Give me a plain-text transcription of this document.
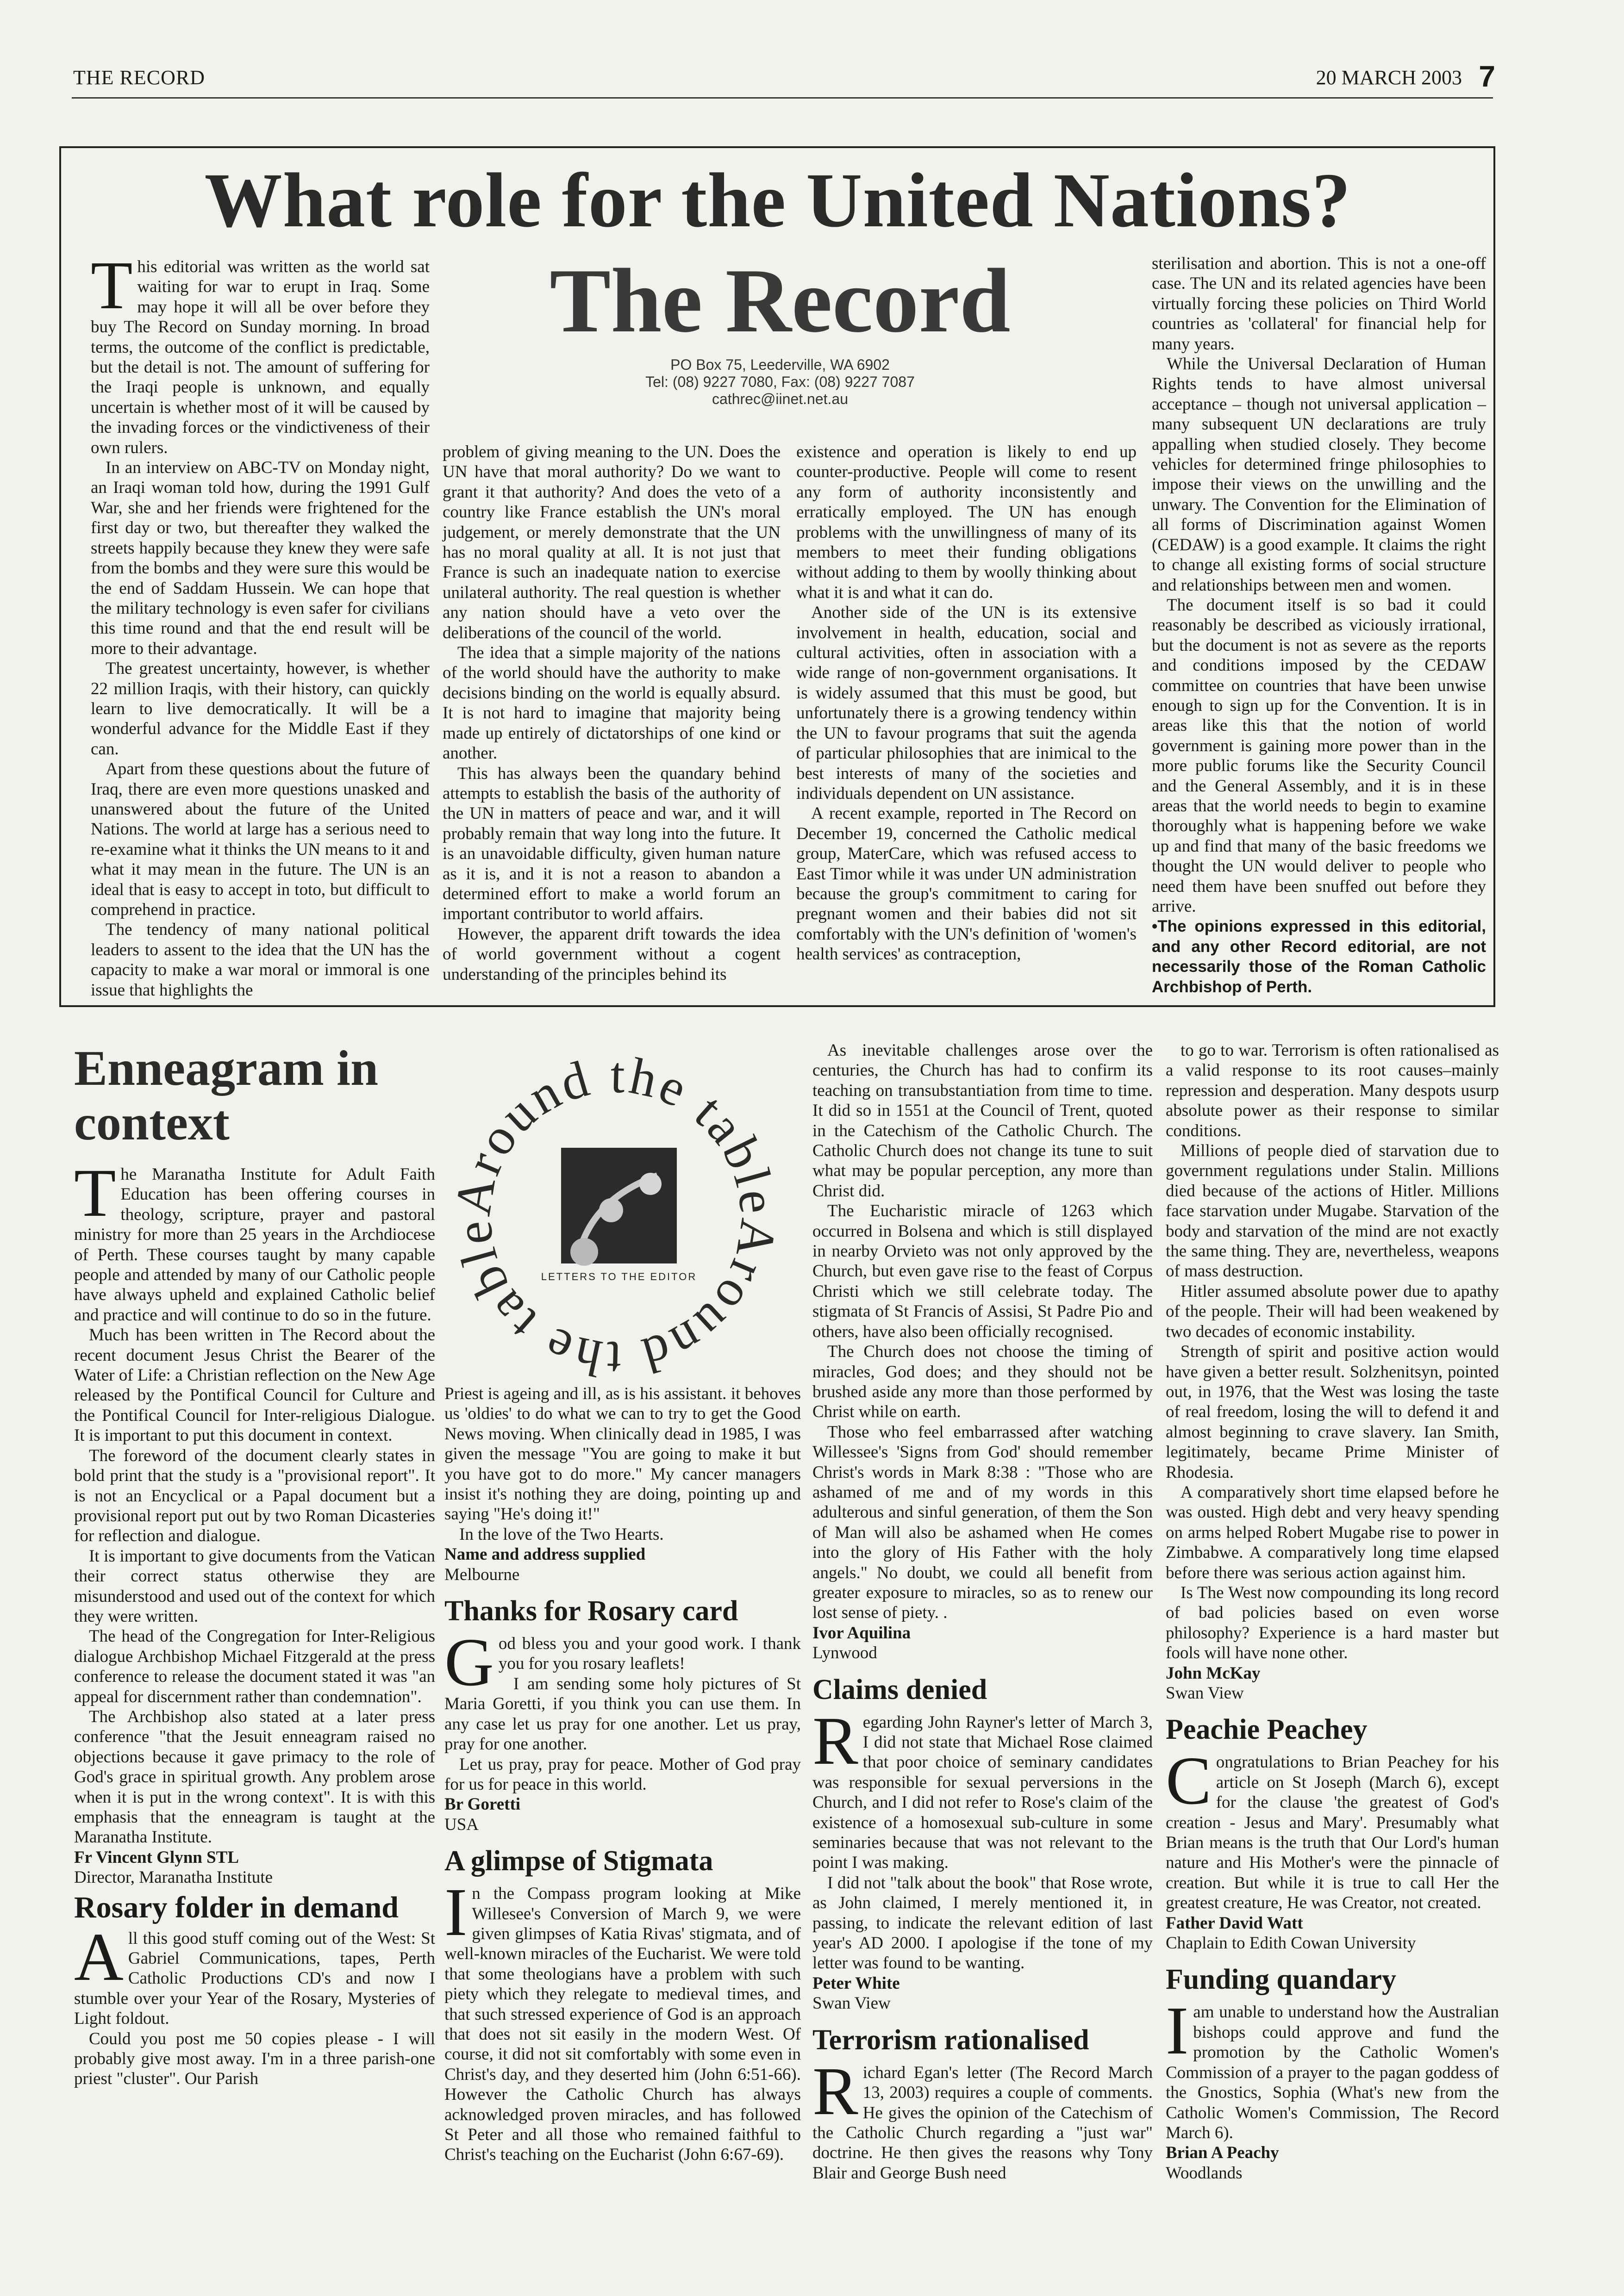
THE RECORD	20 MARCH 2003 7
What role for the United Nations?
The Record
PO Box 75, Leederville, WA 6902
Tel: (08) 9227 7080, Fax: (08) 9227 7087
cathrec@iinet.net.au

This editorial was written as the world sat waiting for war to erupt in Iraq. Some may hope it will all be over before they buy The Record on Sunday morning. In broad terms, the outcome of the conflict is predictable, but the detail is not. The amount of suffering for the Iraqi people is unknown, and equally uncertain is whether most of it will be caused by the invading forces or the vindictiveness of their own rulers.

In an interview on ABC-TV on Monday night, an Iraqi woman told how, during the 1991 Gulf War, she and her friends were frightened for the first day or two, but thereafter they walked the streets happily because they knew they were safe from the bombs and they were sure this would be the end of Saddam Hussein. We can hope that the military technology is even safer for civilians this time round and that the end result will be more to their advantage.

The greatest uncertainty, however, is whether 22 million Iraqis, with their history, can quickly learn to live democratically. It will be a wonderful advance for the Middle East if they can.

Apart from these questions about the future of Iraq, there are even more questions unasked and unanswered about the future of the United Nations. The world at large has a serious need to re-examine what it thinks the UN means to it and what it may mean in the future. The UN is an ideal that is easy to accept in toto, but difficult to comprehend in practice.

The tendency of many national political leaders to assent to the idea that the UN has the capacity to make a war moral or immoral is one issue that highlights the

problem of giving meaning to the UN. Does the UN have that moral authority? Do we want to grant it that authority? And does the veto of a country like France establish the UN's moral judgement, or merely demonstrate that the UN has no moral quality at all. It is not just that France is such an inadequate nation to exercise unilateral authority. The real question is whether any nation should have a veto over the deliberations of the council of the world.

The idea that a simple majority of the nations of the world should have the authority to make decisions binding on the world is equally absurd. It is not hard to imagine that majority being made up entirely of dictatorships of one kind or another.

This has always been the quandary behind attempts to establish the basis of the authority of the UN in matters of peace and war, and it will probably remain that way long into the future. It is an unavoidable difficulty, given human nature as it is, and it is not a reason to abandon a determined effort to make a world forum an important contributor to world affairs.

However, the apparent drift towards the idea of world government without a cogent understanding of the principles behind its

existence and operation is likely to end up counter-productive. People will come to resent any form of authority inconsistently and erratically employed. The UN has enough problems with the unwillingness of many of its members to meet their funding obligations without adding to them by woolly thinking about what it is and what it can do.

Another side of the UN is its extensive involvement in health, education, social and cultural activities, often in association with a wide range of non-government organisations. It is widely assumed that this must be good, but unfortunately there is a growing tendency within the UN to favour programs that suit the agenda of particular philosophies that are inimical to the best interests of many of the societies and individuals dependent on UN assistance.

A recent example, reported in The Record on December 19, concerned the Catholic medical group, MaterCare, which was refused access to East Timor while it was under UN administration because the group's commitment to caring for pregnant women and their babies did not sit comfortably with the UN's definition of 'women's health services' as contraception,

sterilisation and abortion. This is not a one-off case. The UN and its related agencies have been virtually forcing these policies on Third World countries as 'collateral' for financial help for many years.

While the Universal Declaration of Human Rights tends to have almost universal acceptance – though not universal application – many subsequent UN declarations are truly appalling when studied closely. They become vehicles for determined fringe philosophies to impose their views on the unwilling and the unwary. The Convention for the Elimination of all forms of Discrimination against Women (CEDAW) is a good example. It claims the right to change all existing forms of social structure and relationships between men and women.

The document itself is so bad it could reasonably be described as viciously irrational, but the document is not as severe as the reports and conditions imposed by the CEDAW committee on countries that have been unwise enough to sign up for the Convention. It is in areas like this that the notion of world government is gaining more power than in the more public forums like the Security Council and the General Assembly, and it is in these areas that the world needs to begin to examine thoroughly what is happening before we wake up and find that many of the basic freedoms we thought the UN would deliver to people who need them have been snuffed out before they arrive.

•The opinions expressed in this editorial, and any other Record editorial, are not necessarily those of the Roman Catholic Archbishop of Perth.

Enneagram in context

The Maranatha Institute for Adult Faith Education has been offering courses in theology, scripture, prayer and pastoral ministry for more than 25 years in the Archdiocese of Perth. These courses taught by many capable people and attended by many of our Catholic people have always upheld and explained Catholic belief and practice and will continue to do so in the future.

Much has been written in The Record about the recent document Jesus Christ the Bearer of the Water of Life: a Christian reflection on the New Age released by the Pontifical Council for Culture and the Pontifical Council for Inter-religious Dialogue. It is important to put this document in context.

The foreword of the document clearly states in bold print that the study is a "provisional report". It is not an Encyclical or a Papal document but a provisional report put out by two Roman Dicasteries for reflection and dialogue.

It is important to give documents from the Vatican their correct status otherwise they are misunderstood and used out of the context for which they were written.

The head of the Congregation for Inter-Religious dialogue Archbishop Michael Fitzgerald at the press conference to release the document stated it was "an appeal for discernment rather than condemnation".

The Archbishop also stated at a later press conference "that the Jesuit enneagram raised no objections because it gave primacy to the role of God's grace in spiritual growth. Any problem arose when it is put in the wrong context". It is with this emphasis that the enneagram is taught at the Maranatha Institute.

Fr Vincent Glynn STL

Director, Maranatha Institute

Rosary folder in demand

All this good stuff coming out of the West: St Gabriel Communications, tapes, Perth Catholic Productions CD's and now I stumble over your Year of the Rosary, Mysteries of Light foldout.

Could you post me 50 copies please - I will probably give most away. I'm in a three parish-one priest "cluster". Our Parish

Around the table
Around the table
LETTERS TO THE EDITOR

Priest is ageing and ill, as is his assistant. it behoves us 'oldies' to do what we can to try to get the Good News moving. When clinically dead in 1985, I was given the message "You are going to make it but you have got to do more." My cancer managers insist it's nothing they are doing, pointing up and saying "He's doing it!"

In the love of the Two Hearts.

Name and address supplied

Melbourne

Thanks for Rosary card

God bless you and your good work. I thank you for you rosary leaflets!

I am sending some holy pictures of St Maria Goretti, if you think you can use them. In any case let us pray for one another. Let us pray, pray for one another.

Let us pray, pray for peace. Mother of God pray for us for peace in this world.

Br Goretti

USA

A glimpse of Stigmata

In the Compass program looking at Mike Willesee's Conversion of March 9, we were given glimpses of Katia Rivas' stigmata, and of well-known miracles of the Eucharist. We were told that some theologians have a problem with such piety which they relegate to medieval times, and that such stressed experience of God is an approach that does not sit easily in the modern West. Of course, it did not sit comfortably with some even in Christ's day, and they deserted him (John 6:51-66). However the Catholic Church has always acknowledged proven miracles, and has followed St Peter and all those who remained faithful to Christ's teaching on the Eucharist (John 6:67-69).

As inevitable challenges arose over the centuries, the Church has had to confirm its teaching on transubstantiation from time to time. It did so in 1551 at the Council of Trent, quoted in the Catechism of the Catholic Church. The Catholic Church does not change its tune to suit what may be popular perception, any more than Christ did.

The Eucharistic miracle of 1263 which occurred in Bolsena and which is still displayed in nearby Orvieto was not only approved by the Church, but even gave rise to the feast of Corpus Christi which we still celebrate today. The stigmata of St Francis of Assisi, St Padre Pio and others, have also been officially recognised.

The Church does not choose the timing of miracles, God does; and they should not be brushed aside any more than those performed by Christ while on earth.

Those who feel embarrassed after watching Willessee's 'Signs from God' should remember Christ's words in Mark 8:38 : "Those who are ashamed of me and of my words in this adulterous and sinful generation, of them the Son of Man will also be ashamed when He comes into the glory of His Father with the holy angels." No doubt, we could all benefit from greater exposure to miracles, so as to renew our lost sense of piety. .

Ivor Aquilina

Lynwood

Claims denied

Regarding John Rayner's letter of March 3, I did not state that Michael Rose claimed that poor choice of seminary candidates was responsible for sexual perversions in the Church, and I did not refer to Rose's claim of the existence of a homosexual sub-culture in some seminaries because that was not relevant to the point I was making.

I did not "talk about the book" that Rose wrote, as John claimed, I merely mentioned it, in passing, to indicate the relevant edition of last year's AD 2000. I apologise if the tone of my letter was found to be wanting.

Peter White

Swan View

Terrorism rationalised

Richard Egan's letter (The Record March 13, 2003) requires a couple of comments. He gives the opinion of the Catechism of the Catholic Church regarding a "just war" doctrine. He then gives the reasons why Tony Blair and George Bush need

to go to war. Terrorism is often rationalised as a valid response to its root causes–mainly repression and desperation. Many despots usurp absolute power as their response to similar conditions.

Millions of people died of starvation due to government regulations under Stalin. Millions died because of the actions of Hitler. Millions face starvation under Mugabe. Starvation of the body and starvation of the mind are not exactly the same thing. They are, nevertheless, weapons of mass destruction.

Hitler assumed absolute power due to apathy of the people. Their will had been weakened by two decades of economic instability.

Strength of spirit and positive action would have given a better result. Solzhenitsyn, pointed out, in 1976, that the West was losing the taste of real freedom, losing the will to defend it and almost beginning to crave slavery. Ian Smith, legitimately, became Prime Minister of Rhodesia.

A comparatively short time elapsed before he was ousted. High debt and very heavy spending on arms helped Robert Mugabe rise to power in Zimbabwe. A comparatively long time elapsed before there was serious action against him.

Is The West now compounding its long record of bad policies based on even worse philosophy? Experience is a hard master but fools will have none other.

John McKay

Swan View

Peachie Peachey

Congratulations to Brian Peachey for his article on St Joseph (March 6), except for the clause 'the greatest of God's creation - Jesus and Mary'. Presumably what Brian means is the truth that Our Lord's human nature and His Mother's were the pinnacle of creation. But while it is true to call Her the greatest creature, He was Creator, not created.

Father David Watt

Chaplain to Edith Cowan University

Funding quandary

I am unable to understand how the Australian bishops could approve and fund the promotion by the Catholic Women's Commission of a prayer to the pagan goddess of the Gnostics, Sophia (What's new from the Catholic Women's Commission, The Record March 6).

Brian A Peachy

Woodlands
